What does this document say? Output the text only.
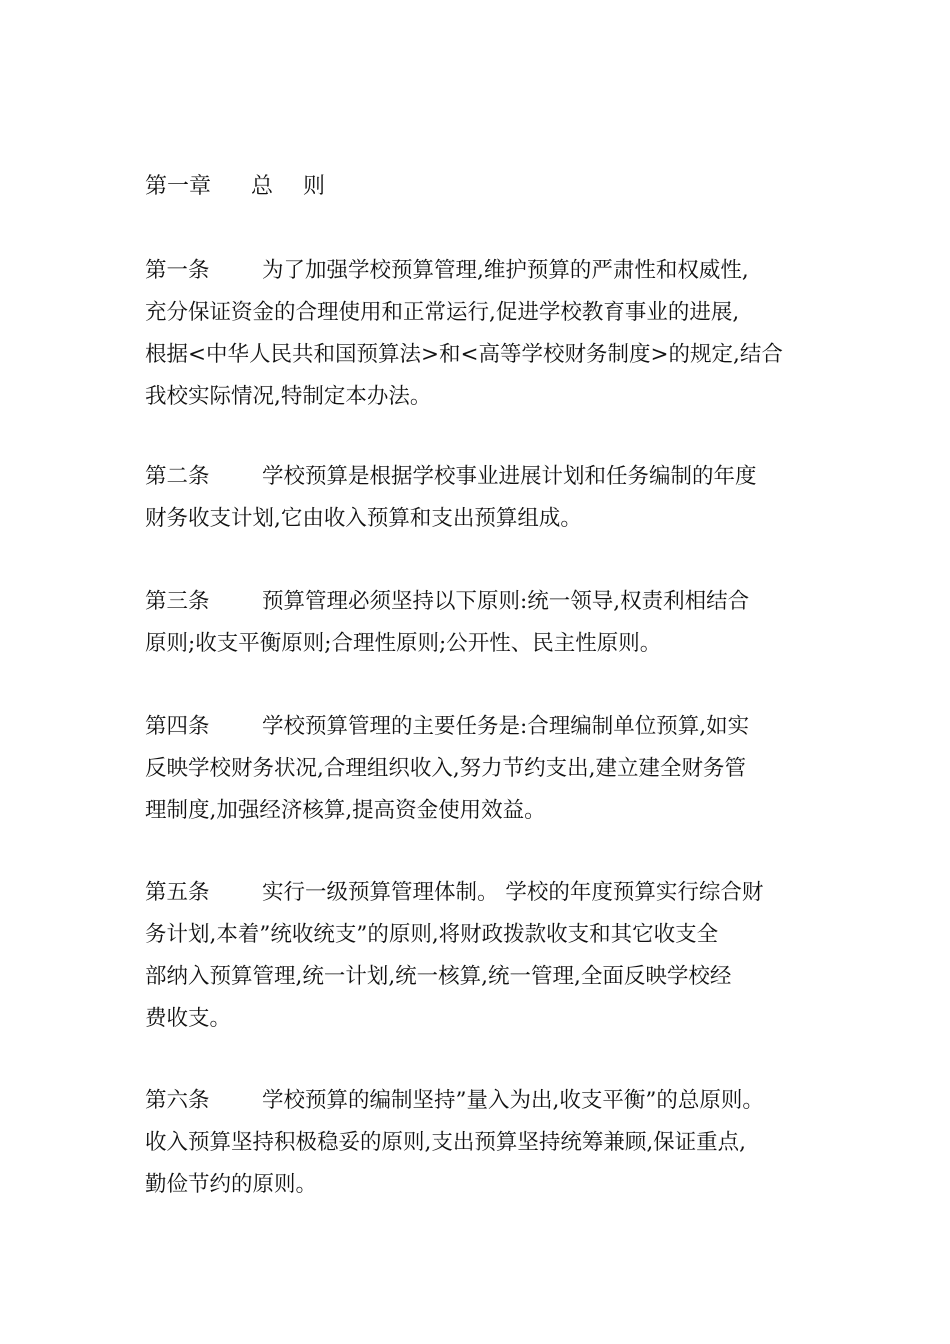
第一章 总 则
第一条 为了加强学校预算管理,维护预算的严肃性和权威性,
充分保证资金的合理使用和正常运行,促进学校教育事业的进展,
根据<中华人民共和国预算法>和<高等学校财务制度>的规定,结合
我校实际情况,特制定本办法。
第二条 学校预算是根据学校事业进展计划和任务编制的年度
财务收支计划,它由收入预算和支出预算组成。
第三条 预算管理必须坚持以下原则:统一领导,权责利相结合
原则;收支平衡原则;合理性原则;公开性、民主性原则。
第四条 学校预算管理的主要任务是:合理编制单位预算,如实
反映学校财务状况,合理组织收入,努力节约支出,建立建全财务管
理制度,加强经济核算,提高资金使用效益。
第五条 实行一级预算管理体制。 学校的年度预算实行综合财
务计划,本着”统收统支”的原则,将财政拨款收支和其它收支全
部纳入预算管理,统一计划,统一核算,统一管理,全面反映学校经
费收支。
第六条 学校预算的编制坚持”量入为出,收支平衡”的总原则。
收入预算坚持积极稳妥的原则,支出预算坚持统筹兼顾,保证重点,
勤俭节约的原则。
